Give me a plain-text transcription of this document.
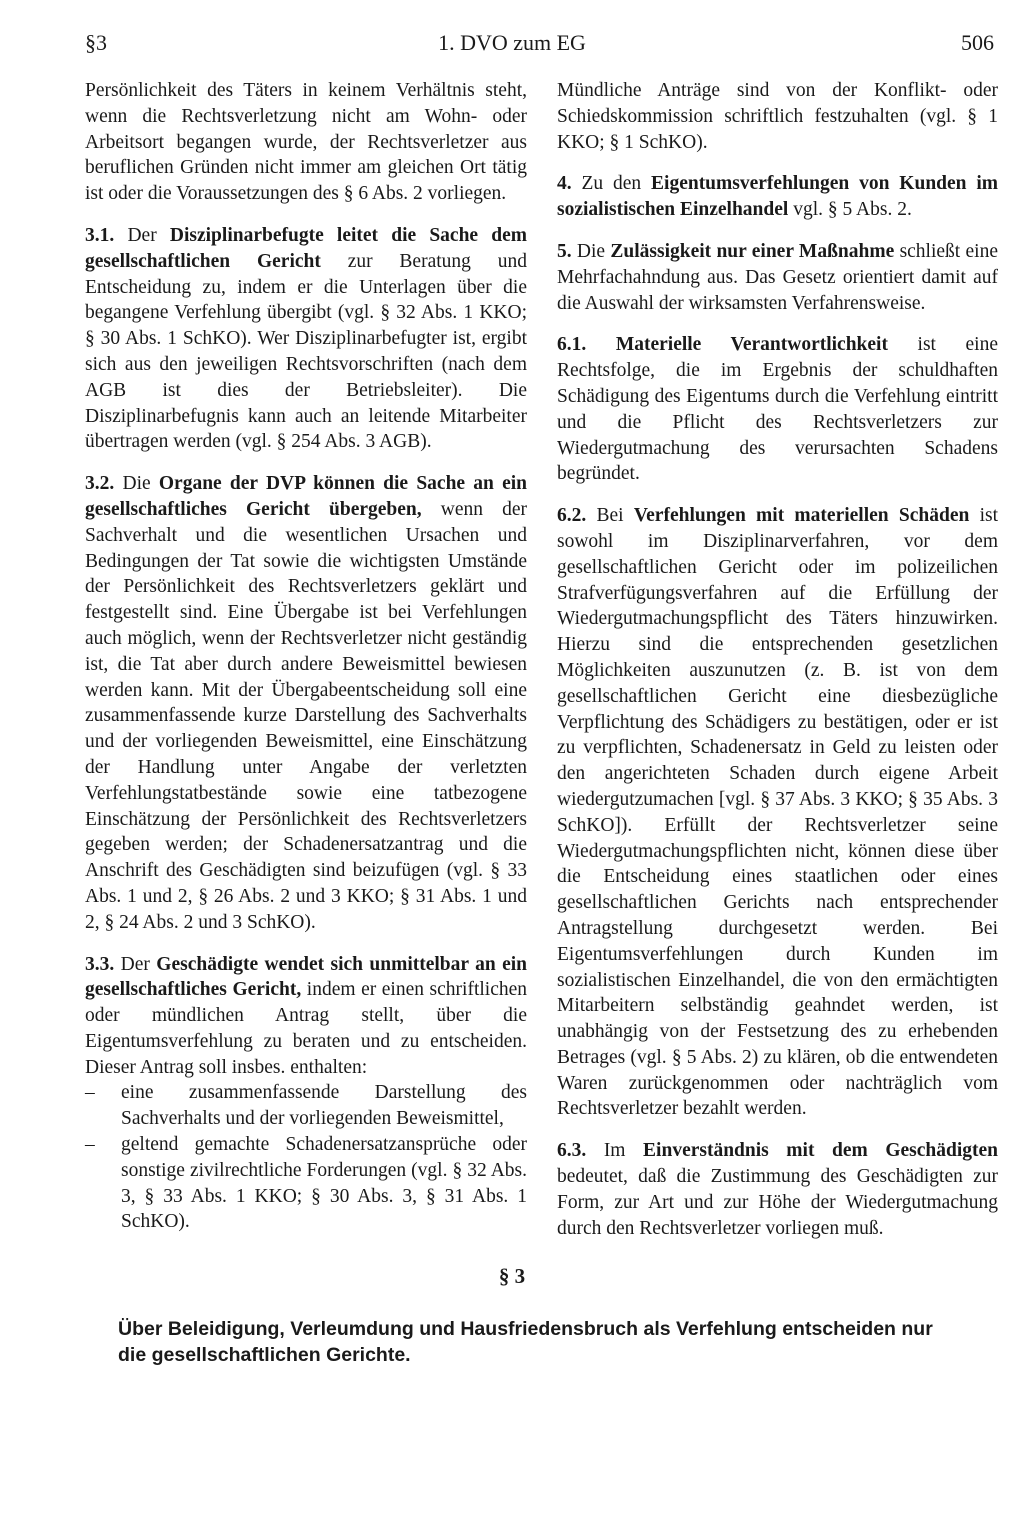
§3	1. DVO zum EG	506

Persönlichkeit des Täters in keinem Verhältnis steht, wenn die Rechtsverletzung nicht am Wohn- oder Arbeitsort begangen wurde, der Rechtsverletzer aus beruflichen Gründen nicht immer am gleichen Ort tätig ist oder die Voraussetzungen des § 6 Abs. 2 vorliegen.

3.1. Der Disziplinarbefugte leitet die Sache dem gesellschaftlichen Gericht zur Beratung und Entscheidung zu, indem er die Unterlagen über die begangene Verfehlung übergibt (vgl. § 32 Abs. 1 KKO; § 30 Abs. 1 SchKO). Wer Disziplinarbefugter ist, ergibt sich aus den jeweiligen Rechtsvorschriften (nach dem AGB ist dies der Betriebsleiter). Die Disziplinarbefugnis kann auch an leitende Mitarbeiter übertragen werden (vgl. § 254 Abs. 3 AGB).

3.2. Die Organe der DVP können die Sache an ein gesellschaftliches Gericht übergeben, wenn der Sachverhalt und die wesentlichen Ursachen und Bedingungen der Tat sowie die wichtigsten Umstände der Persönlichkeit des Rechtsverletzers geklärt und festgestellt sind. Eine Übergabe ist bei Verfehlungen auch möglich, wenn der Rechtsverletzer nicht geständig ist, die Tat aber durch andere Beweismittel bewiesen werden kann. Mit der Übergabeentscheidung soll eine zusammenfassende kurze Darstellung des Sachverhalts und der vorliegenden Beweismittel, eine Einschätzung der Handlung unter Angabe der verletzten Verfehlungstatbestände sowie eine tatbezogene Einschätzung der Persönlichkeit des Rechtsverletzers gegeben werden; der Schadenersatzantrag und die Anschrift des Geschädigten sind beizufügen (vgl. § 33 Abs. 1 und 2, § 26 Abs. 2 und 3 KKO; § 31 Abs. 1 und 2, § 24 Abs. 2 und 3 SchKO).

3.3. Der Geschädigte wendet sich unmittelbar an ein gesellschaftliches Gericht, indem er einen schriftlichen oder mündlichen Antrag stellt, über die Eigentumsverfehlung zu beraten und zu entscheiden. Dieser Antrag soll insbes. enthalten:

– eine zusammenfassende Darstellung des Sachverhalts und der vorliegenden Beweismittel,
– geltend gemachte Schadenersatzansprüche oder sonstige zivilrechtliche Forderungen (vgl. § 32 Abs. 3, § 33 Abs. 1 KKO; § 30 Abs. 3, § 31 Abs. 1 SchKO).

Mündliche Anträge sind von der Konflikt- oder Schiedskommission schriftlich festzuhalten (vgl. § 1 KKO; § 1 SchKO).

4. Zu den Eigentumsverfehlungen von Kunden im sozialistischen Einzelhandel vgl. § 5 Abs. 2.

5. Die Zulässigkeit nur einer Maßnahme schließt eine Mehrfachahndung aus. Das Gesetz orientiert damit auf die Auswahl der wirksamsten Verfahrensweise.

6.1. Materielle Verantwortlichkeit ist eine Rechtsfolge, die im Ergebnis der schuldhaften Schädigung des Eigentums durch die Verfehlung eintritt und die Pflicht des Rechtsverletzers zur Wiedergutmachung des verursachten Schadens begründet.

6.2. Bei Verfehlungen mit materiellen Schäden ist sowohl im Disziplinarverfahren, vor dem gesellschaftlichen Gericht oder im polizeilichen Strafverfügungsverfahren auf die Erfüllung der Wiedergutmachungspflicht des Täters hinzuwirken. Hierzu sind die entsprechenden gesetzlichen Möglichkeiten auszunutzen (z. B. ist von dem gesellschaftlichen Gericht eine diesbezügliche Verpflichtung des Schädigers zu bestätigen, oder er ist zu verpflichten, Schadenersatz in Geld zu leisten oder den angerichteten Schaden durch eigene Arbeit wiedergutzumachen [vgl. § 37 Abs. 3 KKO; § 35 Abs. 3 SchKO]). Erfüllt der Rechtsverletzer seine Wiedergutmachungspflichten nicht, können diese über die Entscheidung eines staatlichen oder eines gesellschaftlichen Gerichts nach entsprechender Antragstellung durchgesetzt werden. Bei Eigentumsverfehlungen durch Kunden im sozialistischen Einzelhandel, die von den ermächtigten Mitarbeitern selbständig geahndet werden, ist unabhängig von der Festsetzung des zu erhebenden Betrages (vgl. § 5 Abs. 2) zu klären, ob die entwendeten Waren zurückgenommen oder nachträglich vom Rechtsverletzer bezahlt werden.

6.3. Im Einverständnis mit dem Geschädigten bedeutet, daß die Zustimmung des Geschädigten zur Form, zur Art und zur Höhe der Wiedergutmachung durch den Rechtsverletzer vorliegen muß.

§ 3
Über Beleidigung, Verleumdung und Hausfriedensbruch als Verfehlung entscheiden nur die gesellschaftlichen Gerichte.
